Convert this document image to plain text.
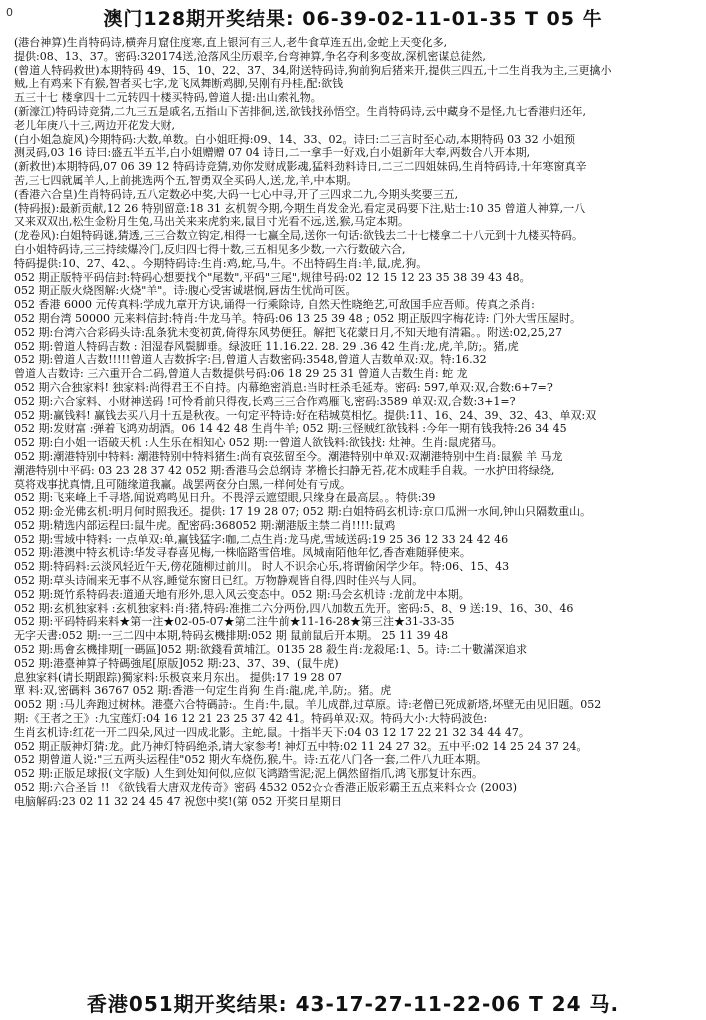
0	澳门128期开奖结果: 06-39-02-11-01-35 T 05 牛
(港台神算)生肖特码诗,横奔月窟住度寒,直上银河有三人,老牛食草连五出,金蛇上天变化多,
提供:08、13、37。密码:320174送,沧落风尘历艰辛,台弯神算,争名夺利多变故,深机密谋总徒然,
(曾道人特码救世)本期特码 49、15、10、22、37、34,附送特码诗,狗前狗后猪来开,提供三四五,十二生肖我为主,三更擒小
贼,上有鸡来下有猴,智者买七字,龙飞凤舞断鸡脚,吴刚有丹桂,配:欲钱
五三十七 楼拿四十二元转四十楼买特码,曾道人提:出山索礼物。
(新濠江)特码诗竞猜,二九三五是戚名,五指山下苦排徊,送,欲钱找孙悟空。生肖特码诗,云中藏身不是怪,九七香港归还年,
老儿年庚八十三,两边开花发大财,
(白小姐急旋风)今期特码:大数,单数。白小姐旺拇:09、14、33、02。诗曰:二三言时至心动,本期特码 03 32 小姐预
测灵码,03 16 诗曰:盛五半五半,白小姐赠赠 07 04 诗日,二一拿手一好戏,白小姐新年大奉,两数合八开本期,
(新救世)本期特码,07 06 39 12 特码诗竞猜,劝你发财成影魂,猛料劲料诗日,二三二四姐妹码,生肖特码诗,十年寒窗真辛
苦,三七四就属羊人,上前挑选两个五,智勇双全买码人,送,龙,羊,中本期。
(香港六合皇)生肖特码诗,五八定数必中奖,大码一七心中寻,开了三四求二九,今期头奖要三五,
(特码报):最新贡献,12 26 特别留意:18 31 玄机贺今期,今期生肖发金光,看定灵码要下注,贴士:10 35 曾道人神算,一八
又来双双出,松生金粉月生兔,马出关来来虎豹来,鼠目寸光看不远,送,猴,马定本期。
(龙卷风):白姐特码谜,猜透,三三合数立钩定,相得一七赢全局,送你一句话:欲钱去二十七楼拿二十八元到十九楼买特码。
白小姐特码诗,三三持续爆冷门,反归四七得十数,三五相见多少数,一六行数破六合,
特码提供:10、27、42、。今期特码诗:生肖:鸡,蛇,马,牛。不出特码生肖:羊,鼠,虎,狗。
052 期正版特平码信封:特码心想要找个"尾数",平码"三尾",规律号码:02 12 15 12 23 35 38 39 43 48。
052 期正版火烧图解:火烧"羊"。诗:腹心受害诚堪悯,唇齿生忧尚可医。
052 香港 6000 元传真料:学成九章开方诀,诵得一行乘除诗, 自然天性晓绝艺,可敌国手应吾师。传真之杀肖:
052 期台湾 50000 元来料信封:特肖:牛龙马羊。特码:06 13 25 39 48 ; 052 期正版四字梅花诗: 门外大雪压屋时。
052 期:台湾六合彩码头诗:乱条犹未变初黄,倚得东风势便狂。解把飞花蒙日月,不知天地有清霜。。附送:02,25,27
052 期:曾道人特码吉数 : 泪湿春风鬓脚垂。绿波旺 11.16.22. 28. 29 .36 42 生肖:龙,虎,羊,防;。猪,虎
052 期:曾道人吉数!!!!!曾道人吉数拆字:吕,曾道人吉数密码:3548,曾道人吉数单双:双。特:16.32
曾道人吉数诗: 三六重开合二码,曾道人吉数提供号码:06 18 29 25 31 曾道人吉数生肖: 蛇 龙
052 期六合独家料! 独家料:尚得君王不自持。内幕绝密消息:当时枉杀毛延寿。密码: 597,单双:双,合数:6+7=?
052 期:六合家料、小财神送码 !可怜肴前只得夜,长鸡三三合作鸡雁飞,密码:3589 单双:双,合数:3+1=?
052 期:赢钱料! 赢钱去买八月十五是秋夜。一句定平特诗:好在秸城莫相忆。提供:11、16、24、39、32、43、单双:双
052 期:发财富 :弹着飞鸿劝胡酒。06 14 42 48 生肖牛羊; 052 期:三怪贼红欲钱料 :今年一期有钱我特:26 34 45
052 期:白小姐一语破天机 :人生乐在相知心 052 期:一曾道人欲钱料:欲钱找: 灶神。生肖:鼠虎猪马。
052 期:潮港特别中特料: 潮港特别中特料猪生:尚有哀弦留至今。潮港特别中单双:双潮港特别中生肖:鼠猴 羊 马龙
潮港特别中平码: 03 23 28 37 42 052 期:香港马会总纲诗 茅檐长扫静无苔,花木成畦手自栽。一水护田将绿绕,
莫将戏事扰真情,且可随缘道我赢。战罢两奁分白黑,一样何处有亏成。
052 期:飞来峰上千寻塔,闻说鸡鸣见日升。不畏浮云遮望眼,只缘身在最高层。。特供:39
052 期:金光佛玄机:明月何时照我还。提供: 17 19 28 07; 052 期:白姐特码玄机诗:京口瓜洲一水间,钟山只隔数重山。
052 期:精选内部运程曰:鼠牛虎。配密码:368052 期:潮港版主禁二肖!!!!:鼠鸡
052 期:雪域中特料: 一点单双:单,赢钱猛字:咖,二点生肖:龙马虎,雪域送码:19 25 36 12 33 24 42 46
052 期:港澳中特玄机诗:华发寻春喜见梅,一株临路雪倍堆。凤城南陌他年忆,香杳难随驿使来。
052 期:特码料:云淡风轻近午天,傍花随柳过前川。 时人不识余心乐,将谓偷闲学少年。特:06、15、43
052 期:草头诗闹来无事不从容,睡觉东窗日已红。万物静观皆自得,四时佳兴与人同。
052 期:斑竹系特码表:道通天地有形外,思入风云变态中。052 期:马会玄机诗 :龙前龙中本期。
052 期:玄机独家料 :玄机独家料:肖:猪,特码:准推二六分两份,四八加数五先开。密码:5、8、9 送:19、16、30、46
052 期:平码特码来料★第一注★02-05-07★第二注牛前★11-16-28★第三注★31-33-35
无字天書:052 期:一三二四中本期,特码玄機排期:052 期 鼠前鼠后开本期。 25 11 39 48
052 期:馬會玄機排期[一碼區]052 期:欲錢看黄埔江。0135 28 殺生肖:龙殺尾:1、5。诗:二十數滿深追求
052 期:港臺神算子特碼強尾[原版]052 期:23、37、39、(鼠牛虎)
息独家料(请长期跟踪)獨家料:乐极哀来月东出。 提供:17 19 28 07
單 料:双,密碼料 36767 052 期:香港一句定生肖狗 生肖:龍,虎,羊,防;。猪。虎
0052 期 :马儿奔跑过树林。港臺六合特碼詩:。生肖:牛,鼠。羊儿成群,过草原。诗:老僧已死成新塔,坏壁无由见旧题。052
期:《王者之王》:九宝莲灯:04 16 12 21 23 25 37 42 41。特码单双:双。特码大小:大特码波色:
生肖玄机诗:红花一开二四朵,风过一四成北影。主蛇,鼠。十指半天下:04 03 12 17 22 21 32 34 44 47。
052 期正版神灯猜:龙。此乃神灯特码绝杀,请大家参考! 神灯五中特:02 11 24 27 32。五中平:02 14 25 24 37 24。
052 期曾道人说:"三五两头运程佳"052 期火车烧伤,猴,牛。诗:五花八门各一套,二件八九旺本期。
052 期:正版足球报(文字版) 人生到处知何似,应似飞鸿踏雪泥;泥上偶然留指爪,鸿飞那复计东西。
052 期:六合圣旨 !! 《欲钱看大唐双龙传奇》密码 4532 052☆☆香港正版彩霸王五点来料☆☆ (2003)
电脑解码:23 02 11 32 24 45 47 祝您中奖!(第 052 开奖日星期日
香港051期开奖结果: 43-17-27-11-22-06 T 24 马.
